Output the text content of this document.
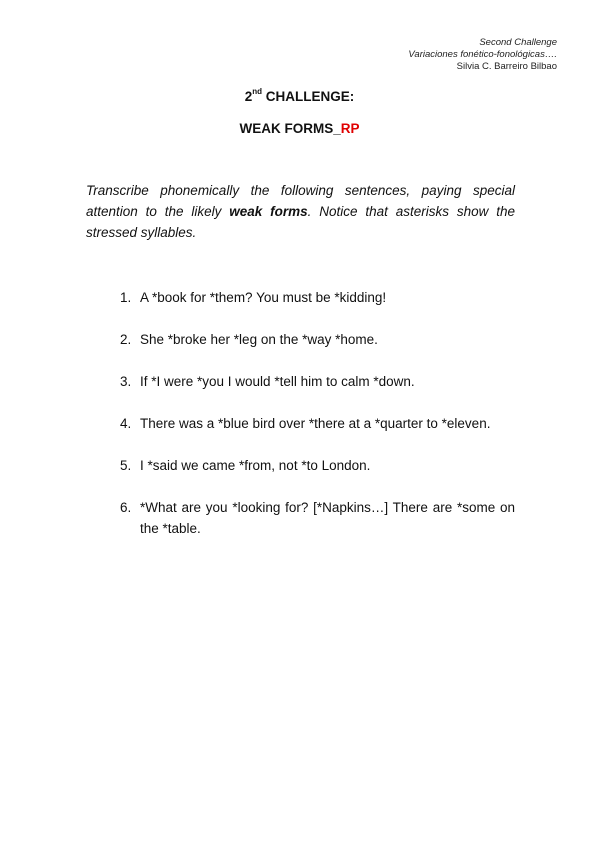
Second Challenge
Variaciones fonético-fonológicas….
Silvia C. Barreiro Bilbao
2nd CHALLENGE:
WEAK FORMS_RP
Transcribe phonemically the following sentences, paying special attention to the likely weak forms. Notice that asterisks show the stressed syllables.
1. A *book for *them? You must be *kidding!
2. She *broke her *leg on the *way *home.
3. If *I were *you I would *tell him to calm *down.
4. There was a *blue bird over *there at a *quarter to *eleven.
5. I *said we came *from, not *to London.
6. *What are you *looking for? [*Napkins…] There are *some on the *table.
